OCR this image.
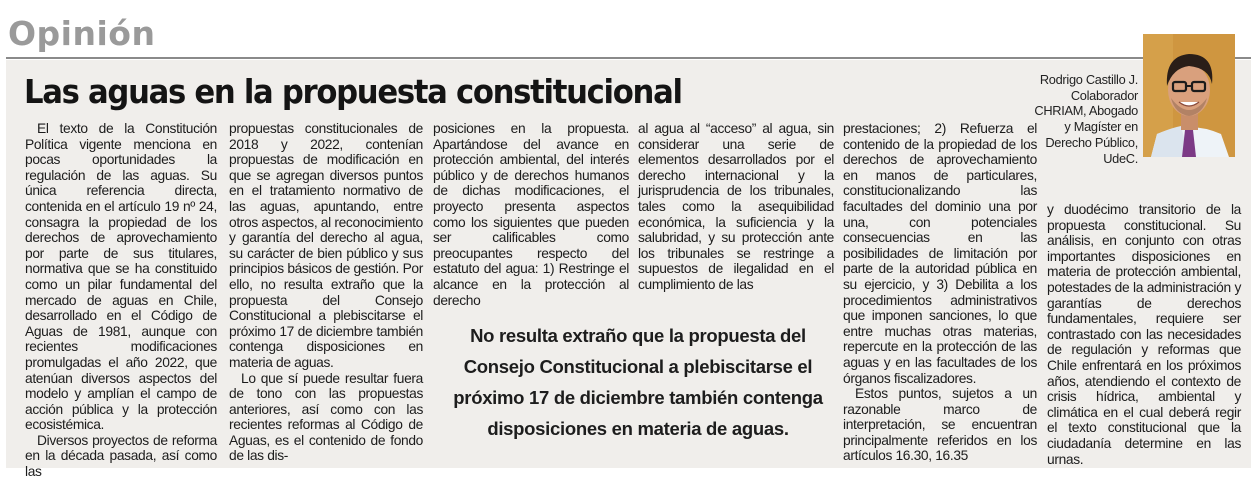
Opinión
Las aguas en la propuesta constitucional	Rodrigo Castillo J.
Colaborador
CHRIAM, Abogado
y Magíster en
Derecho Público,
UdeC.

El texto de la Constitución Política vigente menciona en pocas oportunidades la regulación de las aguas. Su única referencia directa, contenida en el artículo 19 nº 24, consagra la propiedad de los derechos de aprovechamiento por parte de sus titulares, normativa que se ha constituido como un pilar fundamental del mercado de aguas en Chile, desarrollado en el Código de Aguas de 1981, aunque con recientes modificaciones promulgadas el año 2022, que atenúan diversos aspectos del modelo y amplían el campo de acción pública y la protección ecosistémica.

Diversos proyectos de reforma en la década pasada, así como las

propuestas constitucionales de 2018 y 2022, contenían propuestas de modificación en que se agregan diversos puntos en el tratamiento normativo de las aguas, apuntando, entre otros aspectos, al reconocimiento y garantía del derecho al agua, su carácter de bien público y sus principios básicos de gestión. Por ello, no resulta extraño que la propuesta del Consejo Constitucional a plebiscitarse el próximo 17 de diciembre también contenga disposiciones en materia de aguas.

Lo que sí puede resultar fuera de tono con las propuestas anteriores, así como con las recientes reformas al Código de Aguas, es el contenido de fondo de las dis-

posiciones en la propuesta. Apartándose del avance en protección ambiental, del interés público y de derechos humanos de dichas modificaciones, el proyecto presenta aspectos como los siguientes que pueden ser calificables como preocupantes respecto del estatuto del agua: 1) Restringe el alcance en la protección al derecho

al agua al “acceso” al agua, sin considerar una serie de elementos desarrollados por el derecho internacional y la jurisprudencia de los tribunales, tales como la asequibilidad económica, la suficiencia y la salubridad, y su protección ante los tribunales se restringe a supuestos de ilegalidad en el cumplimiento de las

prestaciones; 2) Refuerza el contenido de la propiedad de los derechos de aprovechamiento en manos de particulares, constitucionalizando las facultades del dominio una por una, con potenciales consecuencias en las posibilidades de limitación por parte de la autoridad pública en su ejercicio, y 3) Debilita a los procedimientos administrativos que imponen sanciones, lo que entre muchas otras materias, repercute en la protección de las aguas y en las facultades de los órganos fiscalizadores.

Estos puntos, sujetos a un razonable marco de interpretación, se encuentran principalmente referidos en los artículos 16.30, 16.35

y duodécimo transitorio de la propuesta constitucional. Su análisis, en conjunto con otras importantes disposiciones en materia de protección ambiental, potestades de la administración y garantías de derechos fundamentales, requiere ser contrastado con las necesidades de regulación y reformas que Chile enfrentará en los próximos años, atendiendo el contexto de crisis hídrica, ambiental y climática en el cual deberá regir el texto constitucional que la ciudadanía determine en las urnas.

No resulta extraño que la propuesta del Consejo Constitucional a plebiscitarse el próximo 17 de diciembre también contenga disposiciones en materia de aguas.
